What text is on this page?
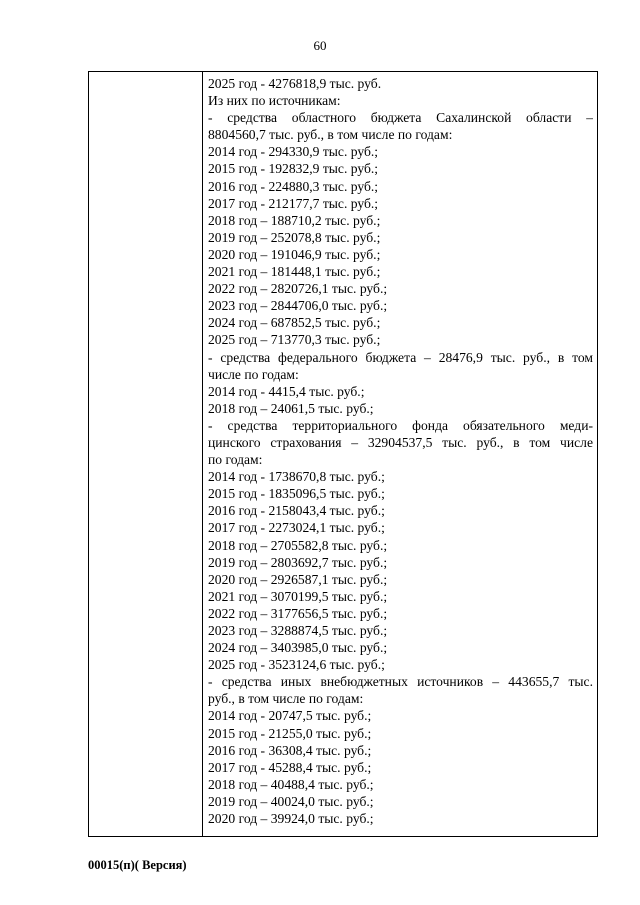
60
2025 год - 4276818,9 тыс. руб.
Из них по источникам:
- средства областного бюджета Сахалинской области –
8804560,7 тыс. руб., в том числе по годам:
2014 год - 294330,9 тыс. руб.;
2015 год - 192832,9 тыс. руб.;
2016 год - 224880,3 тыс. руб.;
2017 год - 212177,7 тыс. руб.;
2018 год – 188710,2 тыс. руб.;
2019 год – 252078,8 тыс. руб.;
2020 год – 191046,9 тыс. руб.;
2021 год – 181448,1 тыс. руб.;
2022 год – 2820726,1 тыс. руб.;
2023 год – 2844706,0 тыс. руб.;
2024 год – 687852,5 тыс. руб.;
2025 год – 713770,3 тыс. руб.;
- средства федерального бюджета – 28476,9 тыс. руб., в том
числе по годам:
2014 год - 4415,4 тыс. руб.;
2018 год – 24061,5 тыс. руб.;
- средства территориального фонда обязательного меди-
цинского страхования – 32904537,5 тыс. руб., в том числе
по годам:
2014 год - 1738670,8 тыс. руб.;
2015 год - 1835096,5 тыс. руб.;
2016 год - 2158043,4 тыс. руб.;
2017 год - 2273024,1 тыс. руб.;
2018 год – 2705582,8 тыс. руб.;
2019 год – 2803692,7 тыс. руб.;
2020 год – 2926587,1 тыс. руб.;
2021 год – 3070199,5 тыс. руб.;
2022 год – 3177656,5 тыс. руб.;
2023 год – 3288874,5 тыс. руб.;
2024 год – 3403985,0 тыс. руб.;
2025 год - 3523124,6 тыс. руб.;
- средства иных внебюджетных источников – 443655,7 тыс.
руб., в том числе по годам:
2014 год - 20747,5 тыс. руб.;
2015 год - 21255,0 тыс. руб.;
2016 год - 36308,4 тыс. руб.;
2017 год - 45288,4 тыс. руб.;
2018 год – 40488,4 тыс. руб.;
2019 год – 40024,0 тыс. руб.;
2020 год – 39924,0 тыс. руб.;
00015(п)( Версия)
